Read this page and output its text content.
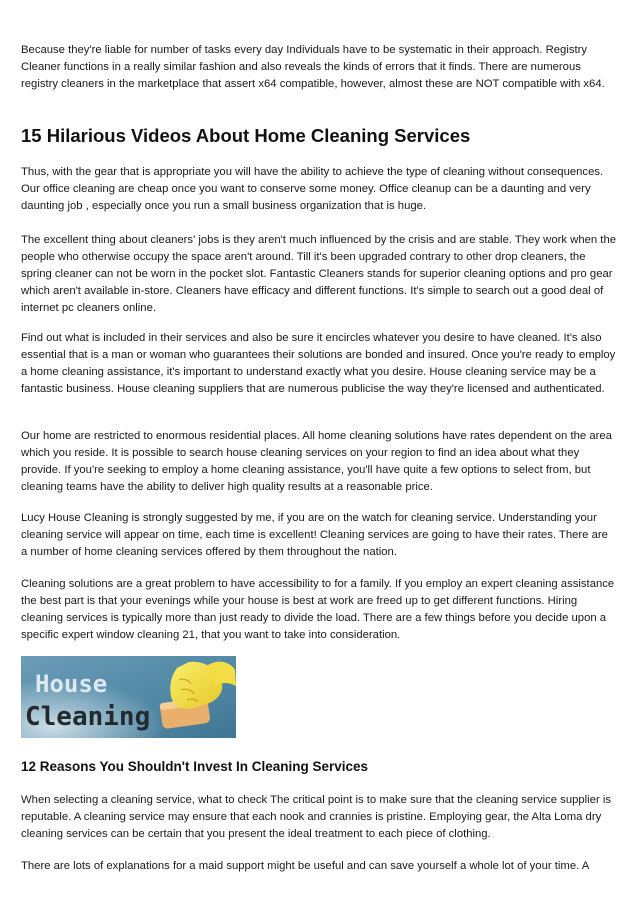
Because they're liable for number of tasks every day Individuals have to be systematic in their approach. Registry Cleaner functions in a really similar fashion and also reveals the kinds of errors that it finds. There are numerous registry cleaners in the marketplace that assert x64 compatible, however, almost these are NOT compatible with x64.

15 Hilarious Videos About Home Cleaning Services

Thus, with the gear that is appropriate you will have the ability to achieve the type of cleaning without consequences. Our office cleaning are cheap once you want to conserve some money. Office cleanup can be a daunting and very daunting job , especially once you run a small business organization that is huge.

The excellent thing about cleaners' jobs is they aren't much influenced by the crisis and are stable. They work when the people who otherwise occupy the space aren't around. Till it's been upgraded contrary to other drop cleaners, the spring cleaner can not be worn in the pocket slot. Fantastic Cleaners stands for superior cleaning options and pro gear which aren't available in-store. Cleaners have efficacy and different functions. It's simple to search out a good deal of internet pc cleaners online.

Find out what is included in their services and also be sure it encircles whatever you desire to have cleaned. It's also essential that is a man or woman who guarantees their solutions are bonded and insured. Once you're ready to employ a home cleaning assistance, it's important to understand exactly what you desire. House cleaning service may be a fantastic business. House cleaning suppliers that are numerous publicise the way they're licensed and authenticated.

Our home are restricted to enormous residential places. All home cleaning solutions have rates dependent on the area which you reside. It is possible to search house cleaning services on your region to find an idea about what they provide. If you're seeking to employ a home cleaning assistance, you'll have quite a few options to select from, but cleaning teams have the ability to deliver high quality results at a reasonable price.

Lucy House Cleaning is strongly suggested by me, if you are on the watch for cleaning service. Understanding your cleaning service will appear on time, each time is excellent! Cleaning services are going to have their rates. There are a number of home cleaning services offered by them throughout the nation.

Cleaning solutions are a great problem to have accessibility to for a family. If you employ an expert cleaning assistance the best part is that your evenings while your house is best at work are freed up to get different functions. Hiring cleaning services is typically more than just ready to divide the load. There are a few things before you decide upon a specific expert window cleaning 21, that you want to take into consideration.

House
Cleaning
12 Reasons You Shouldn't Invest In Cleaning Services

When selecting a cleaning service, what to check The critical point is to make sure that the cleaning service supplier is reputable. A cleaning service may ensure that each nook and crannies is pristine. Employing gear, the Alta Loma dry cleaning services can be certain that you present the ideal treatment to each piece of clothing.

There are lots of explanations for a maid support might be useful and can save yourself a whole lot of your time. A
